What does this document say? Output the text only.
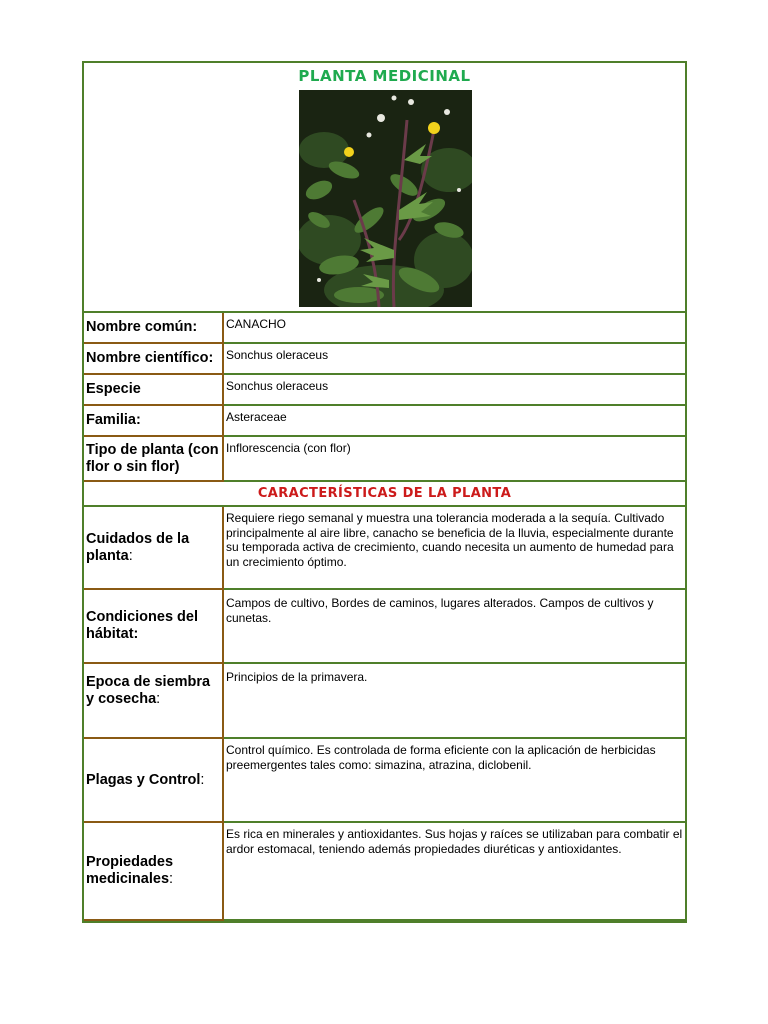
PLANTA MEDICINAL
Nombre común: CANACHO
Nombre científico: Sonchus oleraceus
Especie	Sonchus oleraceus
Familia:	Asteraceae
Tipo de planta (con flor o sin flor)
Inflorescencia (con flor)
CARACTERÍSTICAS DE LA PLANTA
Cuidados de la planta:
Requiere riego semanal y muestra una tolerancia moderada a la sequía. Cultivado principalmente al aire libre, canacho se beneficia de la lluvia, especialmente durante su temporada activa de crecimiento, cuando necesita un aumento de humedad para un crecimiento óptimo.
Condiciones del hábitat:
Campos de cultivo, Bordes de caminos, lugares alterados. Campos de cultivos y cunetas.
Epoca de siembra y cosecha:
Principios de la primavera.
Plagas y Control:
Control químico. Es controlada de forma eficiente con la aplicación de herbicidas preemergentes tales como: simazina, atrazina, diclobenil.
Propiedades medicinales:
Es rica en minerales y antioxidantes. Sus hojas y raíces se utilizaban para combatir el ardor estomacal, teniendo además propiedades diuréticas y antioxidantes.
